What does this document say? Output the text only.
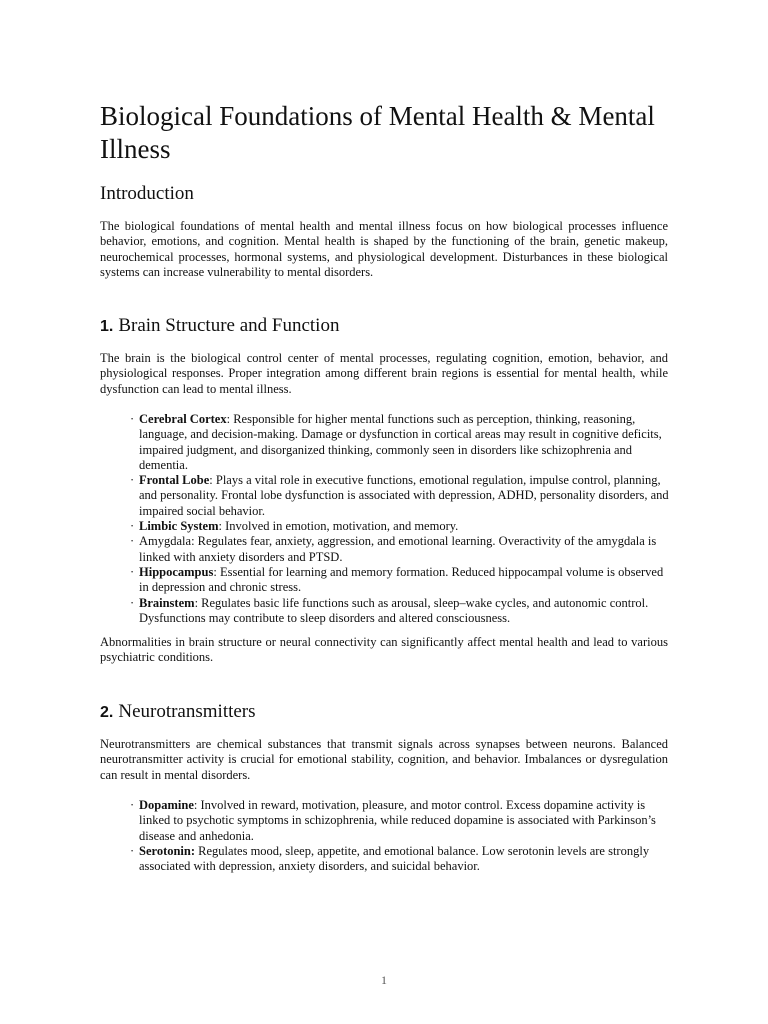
Biological Foundations of Mental Health & Mental Illness
Introduction

The biological foundations of mental health and mental illness focus on how biological processes influence behavior, emotions, and cognition. Mental health is shaped by the functioning of the brain, genetic makeup, neurochemical processes, hormonal systems, and physiological development. Disturbances in these biological systems can increase vulnerability to mental disorders.

1. Brain Structure and Function

The brain is the biological control center of mental processes, regulating cognition, emotion, behavior, and physiological responses. Proper integration among different brain regions is essential for mental health, while dysfunction can lead to mental illness.

· Cerebral Cortex: Responsible for higher mental functions such as perception, thinking, reasoning, language, and decision-making. Damage or dysfunction in cortical areas may result in cognitive deficits, impaired judgment, and disorganized thinking, commonly seen in disorders like schizophrenia and dementia.
· Frontal Lobe: Plays a vital role in executive functions, emotional regulation, impulse control, planning, and personality. Frontal lobe dysfunction is associated with depression, ADHD, personality disorders, and impaired social behavior.
· Limbic System: Involved in emotion, motivation, and memory.
· Amygdala: Regulates fear, anxiety, aggression, and emotional learning. Overactivity of the amygdala is linked with anxiety disorders and PTSD.
· Hippocampus: Essential for learning and memory formation. Reduced hippocampal volume is observed in depression and chronic stress.
· Brainstem: Regulates basic life functions such as arousal, sleep–wake cycles, and autonomic control. Dysfunctions may contribute to sleep disorders and altered consciousness.

Abnormalities in brain structure or neural connectivity can significantly affect mental health and lead to various psychiatric conditions.

2. Neurotransmitters

Neurotransmitters are chemical substances that transmit signals across synapses between neurons. Balanced neurotransmitter activity is crucial for emotional stability, cognition, and behavior. Imbalances or dysregulation can result in mental disorders.

· Dopamine: Involved in reward, motivation, pleasure, and motor control. Excess dopamine activity is linked to psychotic symptoms in schizophrenia, while reduced dopamine is associated with Parkinson’s disease and anhedonia.
· Serotonin: Regulates mood, sleep, appetite, and emotional balance. Low serotonin levels are strongly associated with depression, anxiety disorders, and suicidal behavior.
1
